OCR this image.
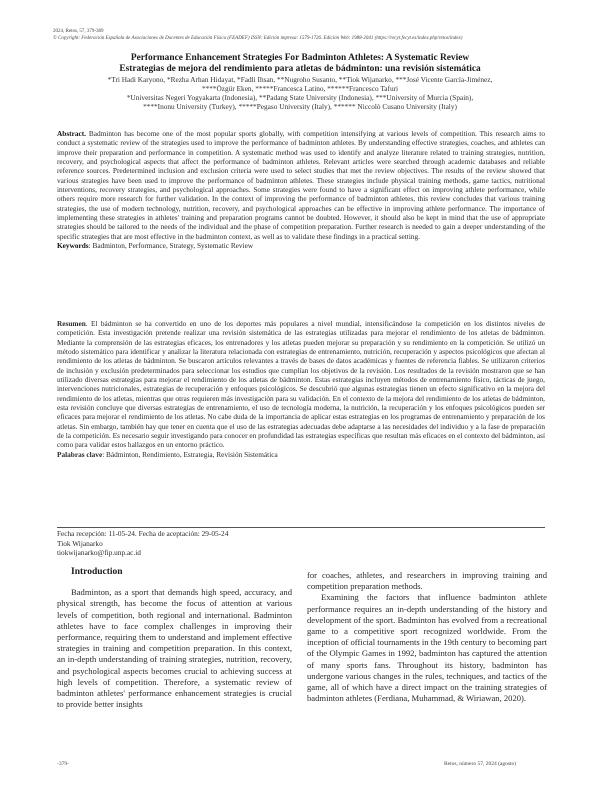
2024, Retos, 57, 379-389
© Copyright: Federación Española de Asociaciones de Docentes de Educación Física (FEADEF) ISSN: Edición impresa: 1579-1726. Edición Web: 1988-2041 (https://recyt.fecyt.es/index.php/retos/index)
Performance Enhancement Strategies For Badminton Athletes: A Systematic Review
Estrategias de mejora del rendimiento para atletas de bádminton: una revisión sistemática
*Tri Hadi Karyono, *Rezha Arhan Hidayat, *Fadli Ihsan, **Nugroho Susanto, **Tiok Wijanarko, ***José Vicente García-Jiménez,
****Özgür Eken, *****Francesca Latino, ******Francesco Tafuri
*Universitas Negeri Yogyakarta (Indonesia), **Padang State University (Indonesia), ***University of Murcia (Spain),
****Inonu University (Turkey), *****Pegaso University (Italy), ****** Niccolò Cusano University (Italy)

Abstract. Badminton has become one of the most popular sports globally, with competition intensifying at various levels of competition. This research aims to conduct a systematic review of the strategies used to improve the performance of badminton athletes. By understanding effective strategies, coaches, and athletes can improve their preparation and performance in competition. A systematic method was used to identify and analyze literature related to training strategies, nutrition, recovery, and psychological aspects that affect the performance of badminton athletes. Relevant articles were searched through academic databases and reliable reference sources. Predetermined inclusion and exclusion criteria were used to select studies that met the review objectives. The results of the review showed that various strategies have been used to improve the performance of badminton athletes. These strategies include physical training methods, game tactics, nutritional interventions, recovery strategies, and psychological approaches. Some strategies were found to have a significant effect on improving athlete performance, while others require more research for further validation. In the context of improving the performance of badminton athletes, this review concludes that various training strategies, the use of modern technology, nutrition, recovery, and psychological approaches can be effective in improving athlete performance. The importance of implementing these strategies in athletes' training and preparation programs cannot be doubted. However, it should also be kept in mind that the use of appropriate strategies should be tailored to the needs of the individual and the phase of competition preparation. Further research is needed to gain a deeper understanding of the specific strategies that are most effective in the badminton context, as well as to validate these findings in a practical setting.

Keywords: Badminton, Performance, Strategy, Systematic Review

Resumen. El bádminton se ha convertido en uno de los deportes más populares a nivel mundial, intensificándose la competición en los distintos niveles de competición. Esta investigación pretende realizar una revisión sistemática de las estrategias utilizadas para mejorar el rendimiento de los atletas de bádminton. Mediante la comprensión de las estrategias eficaces, los entrenadores y los atletas pueden mejorar su preparación y su rendimiento en la competición. Se utilizó un método sistemático para identificar y analizar la literatura relacionada con estrategias de entrenamiento, nutrición, recuperación y aspectos psicológicos que afectan al rendimiento de los atletas de bádminton. Se buscaron artículos relevantes a través de bases de datos académicas y fuentes de referencia fiables. Se utilizaron criterios de inclusión y exclusión predeterminados para seleccionar los estudios que cumplían los objetivos de la revisión. Los resultados de la revisión mostraron que se han utilizado diversas estrategias para mejorar el rendimiento de los atletas de bádminton. Estas estrategias incluyen métodos de entrenamiento físico, tácticas de juego, intervenciones nutricionales, estrategias de recuperación y enfoques psicológicos. Se descubrió que algunas estrategias tienen un efecto significativo en la mejora del rendimiento de los atletas, mientras que otras requieren más investigación para su validación. En el contexto de la mejora del rendimiento de los atletas de bádminton, esta revisión concluye que diversas estrategias de entrenamiento, el uso de tecnología moderna, la nutrición, la recuperación y los enfoques psicológicos pueden ser eficaces para mejorar el rendimiento de los atletas. No cabe duda de la importancia de aplicar estas estrategias en los programas de entrenamiento y preparación de los atletas. Sin embargo, también hay que tener en cuenta que el uso de las estrategias adecuadas debe adaptarse a las necesidades del individuo y a la fase de preparación de la competición. Es necesario seguir investigando para conocer en profundidad las estrategias específicas que resultan más eficaces en el contexto del bádminton, así como para validar estos hallazgos en un entorno práctico.

Palabras clave: Bádminton, Rendimiento, Estrategia, Revisión Sistemática

Fecha recepción: 11-05-24. Fecha de aceptación: 29-05-24
Tiok Wijanarko
tiokwijanarko@fip.unp.ac.id
Introduction

Badminton, as a sport that demands high speed, accuracy, and physical strength, has become the focus of attention at various levels of competition, both regional and international. Badminton athletes have to face complex challenges in improving their performance, requiring them to understand and implement effective strategies in training and competition preparation. In this context, an in-depth understanding of training strategies, nutrition, recovery, and psychological aspects becomes crucial to achieving success at high levels of competition. Therefore, a systematic review of badminton athletes' performance enhancement strategies is crucial to provide better insights

for coaches, athletes, and researchers in improving training and competition preparation methods.

Examining the factors that influence badminton athlete performance requires an in-depth understanding of the history and development of the sport. Badminton has evolved from a recreational game to a competitive sport recognized worldwide. From the inception of official tournaments in the 19th century to becoming part of the Olympic Games in 1992, badminton has captured the attention of many sports fans. Throughout its history, badminton has undergone various changes in the rules, techniques, and tactics of the game, all of which have a direct impact on the training strategies of badminton athletes (Ferdiana, Muhammad, & Wiriawan, 2020).

-379-	Retos, número 57, 2024 (agosto)
